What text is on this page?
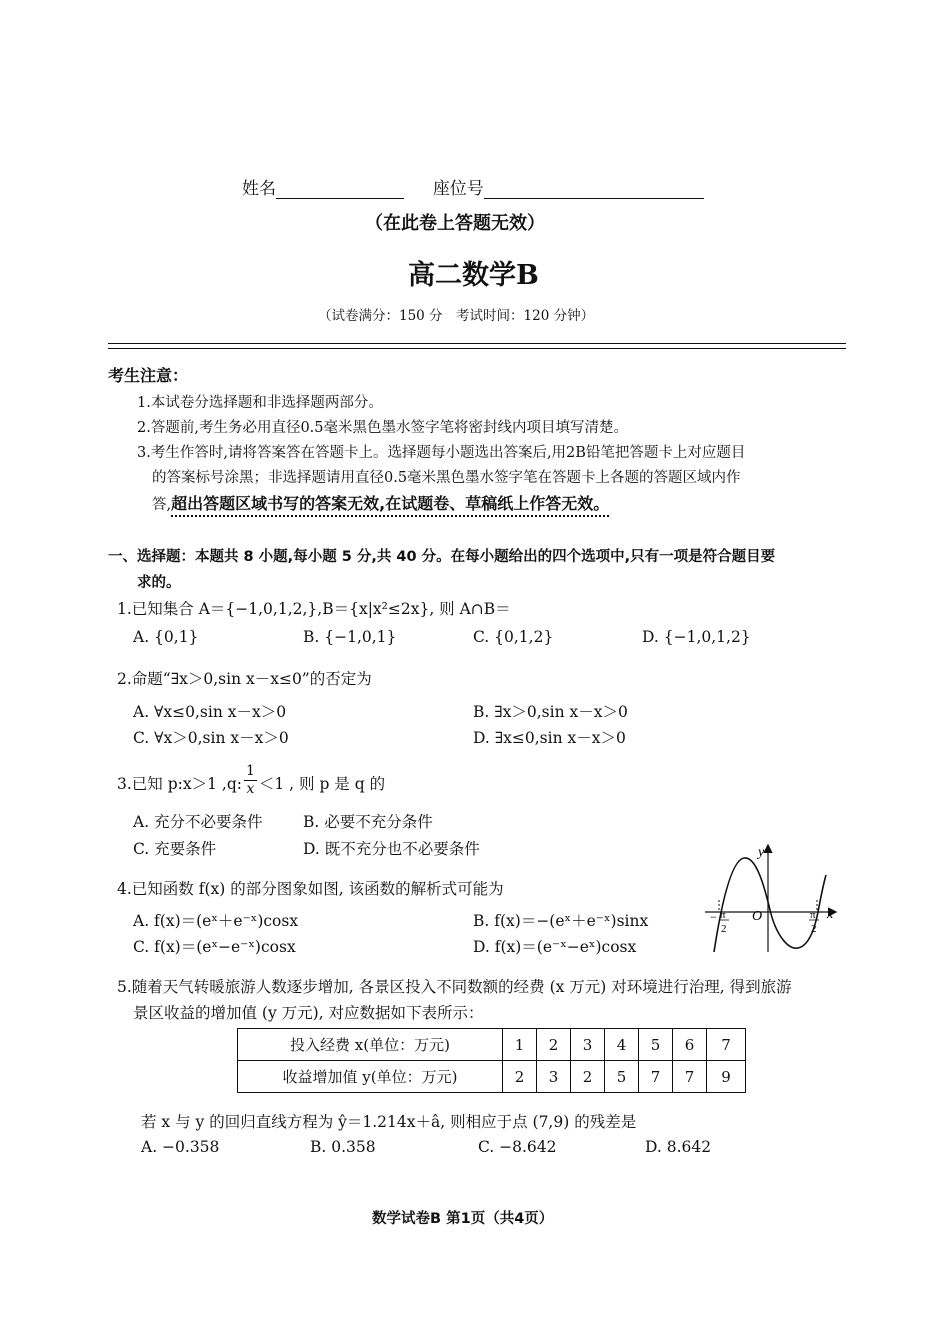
姓名	座位号
（在此卷上答题无效）
高二数学B
（试卷满分：150 分　考试时间：120 分钟）
考生注意：
1.本试卷分选择题和非选择题两部分。
2.答题前,考生务必用直径0.5毫米黑色墨水签字笔将密封线内项目填写清楚。
3.考生作答时,请将答案答在答题卡上。选择题每小题选出答案后,用2B铅笔把答题卡上对应题目
的答案标号涂黑；非选择题请用直径0.5毫米黑色墨水签字笔在答题卡上各题的答题区域内作
答,超出答题区域书写的答案无效,在试题卷、草稿纸上作答无效。
一、选择题：本题共 8 小题,每小题 5 分,共 40 分。在每小题给出的四个选项中,只有一项是符合题目要
求的。
1.已知集合 A＝{−1,0,1,2,},B＝{x|x²≤2x}, 则 A∩B＝
A. {0,1}	B. {−1,0,1}	C. {0,1,2}	D. {−1,0,1,2}
2.命题“∃x＞0,sin x－x≤0”的否定为
A. ∀x≤0,sin x－x＞0	B. ∃x＞0,sin x－x＞0
C. ∀x＞0,sin x－x＞0	D. ∃x≤0,sin x－x＞0
3.已知 p:x＞1 ,q: $\frac{1}{x} <1$ , 则 p 是 q 的
A. 充分不必要条件	B. 必要不充分条件
C. 充要条件	D. 既不充分也不必要条件
4.已知函数 f(x) 的部分图象如图, 该函数的解析式可能为
A. f(x)＝(eˣ＋e⁻ˣ)cosx	B. f(x)＝−(eˣ＋e⁻ˣ)sinx
C. f(x)＝(eˣ−e⁻ˣ)cosx	D. f(x)＝(e⁻ˣ−eˣ)cosx
y
x
O
− π
2
π
2
5.随着天气转暖旅游人数逐步增加, 各景区投入不同数额的经费 (x 万元) 对环境进行治理, 得到旅游
景区收益的增加值 (y 万元), 对应数据如下表所示：
投入经费 x(单位：万元)	1	2	3	4	5	6	7
收益增加值 y(单位：万元)	2	3	2	5	7	7	9
若 x 与 y 的回归直线方程为 ŷ＝1.214x＋â, 则相应于点 (7,9) 的残差是
A. −0.358	B. 0.358	C. −8.642	D. 8.642
数学试卷B 第1页（共4页）
